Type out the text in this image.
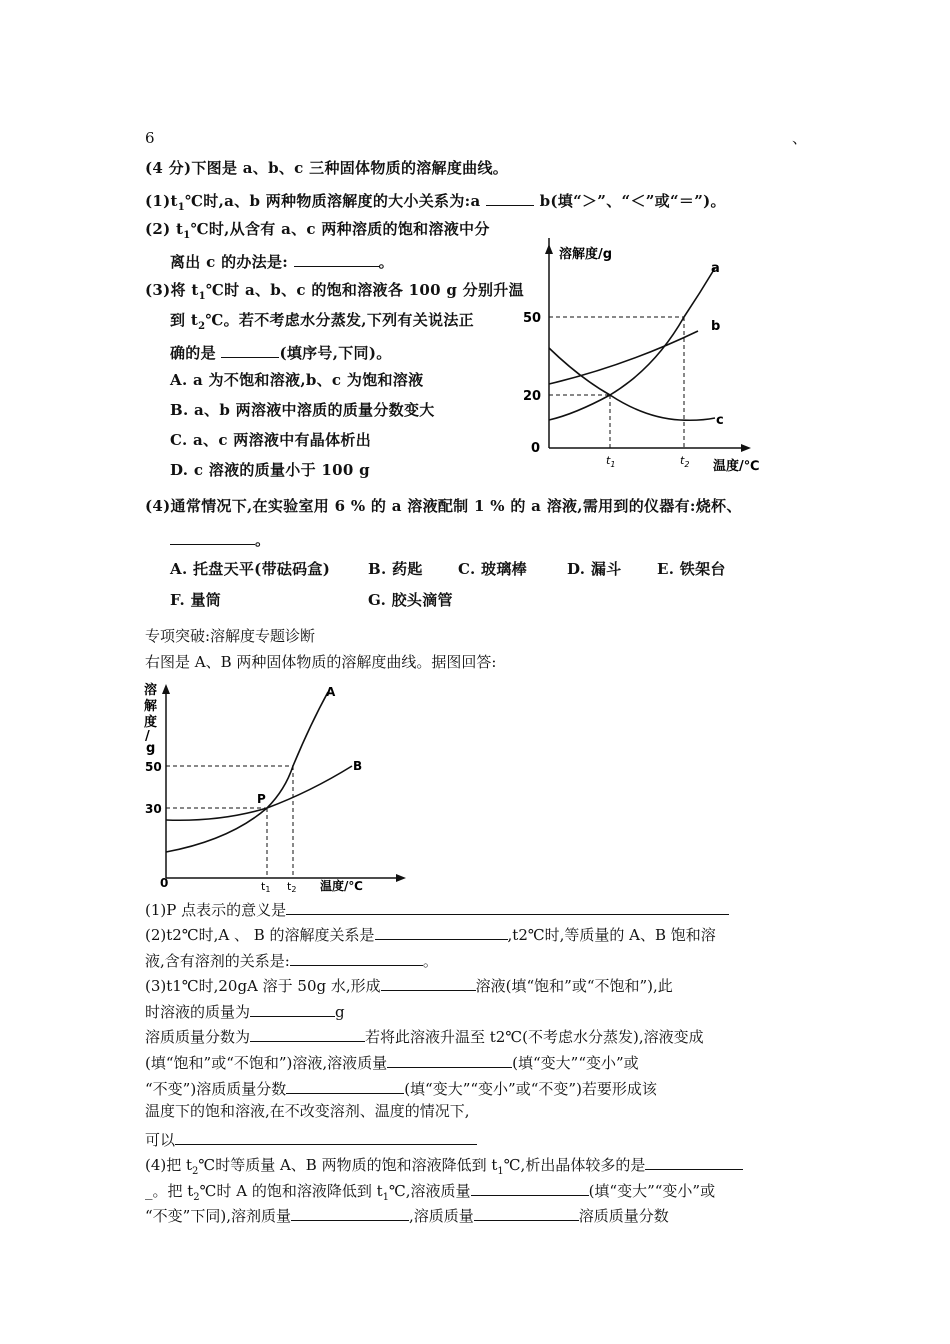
6	、
(4 分)下图是 a、b、c 三种固体物质的溶解度曲线。
$(1)t_1℃$时,a、b 两种物质溶解度的大小关系为:a	b(填“＞”、“＜”或“＝”)。
(2) $t_1℃$时,从含有 a、c 两种溶质的饱和溶液中分
离出 c 的办法是:	。
(3)将 $t_1℃$时 a、b、c 的饱和溶液各 100 g 分别升温
到 $t_2℃$。若不考虑水分蒸发,下列有关说法正
确的是	(填序号,下同)。
A. a 为不饱和溶液,b、c 为饱和溶液
B. a、b 两溶液中溶质的质量分数变大
C. a、c 两溶液中有晶体析出
D. c 溶液的质量小于 100 g
溶解度/g
温度/℃
0
20
50
$t_1$	$t_2$
a
b
c
(4)通常情况下,在实验室用 6 % 的 a 溶液配制 1 % 的 a 溶液,需用到的仪器有:烧杯、
。
A. 托盘天平(带砝码盒)	B. 药匙 C. 玻璃棒	D. 漏斗 E. 铁架台
F. 量筒	G. 胶头滴管
专项突破:溶解度专题诊断
右图是 A、B 两种固体物质的溶解度曲线。据图回答:
溶
解
度
/
g
50
30
0	t1 t2 温度/℃
P
A
B
(1)P 点表示的意义是
(2)t2℃时,A 、 B 的溶解度关系是	,t2℃时,等质量的 A、B 饱和溶
液,含有溶剂的关系是:	。
(3)t1℃时,20gA 溶于 50g 水,形成	溶液(填“饱和”或“不饱和”),此
时溶液的质量为	g
溶质质量分数为	若将此溶液升温至 t2℃(不考虑水分蒸发),溶液变成
(填“饱和”或“不饱和”)溶液,溶液质量	(填“变大”“变小”或
“不变”)溶质质量分数	(填“变大”“变小”或“不变”)若要形成该
温度下的饱和溶液,在不改变溶剂、温度的情况下,
可以
(4)把 $t_2℃$时等质量 A、B 两物质的饱和溶液降低到 $t_1℃$,析出晶体较多的是
_。把 $t_2℃$时 A 的饱和溶液降低到 $t_1℃$,溶液质量	(填“变大”“变小”或
“不变”下同),溶剂质量	,溶质质量	溶质质量分数
